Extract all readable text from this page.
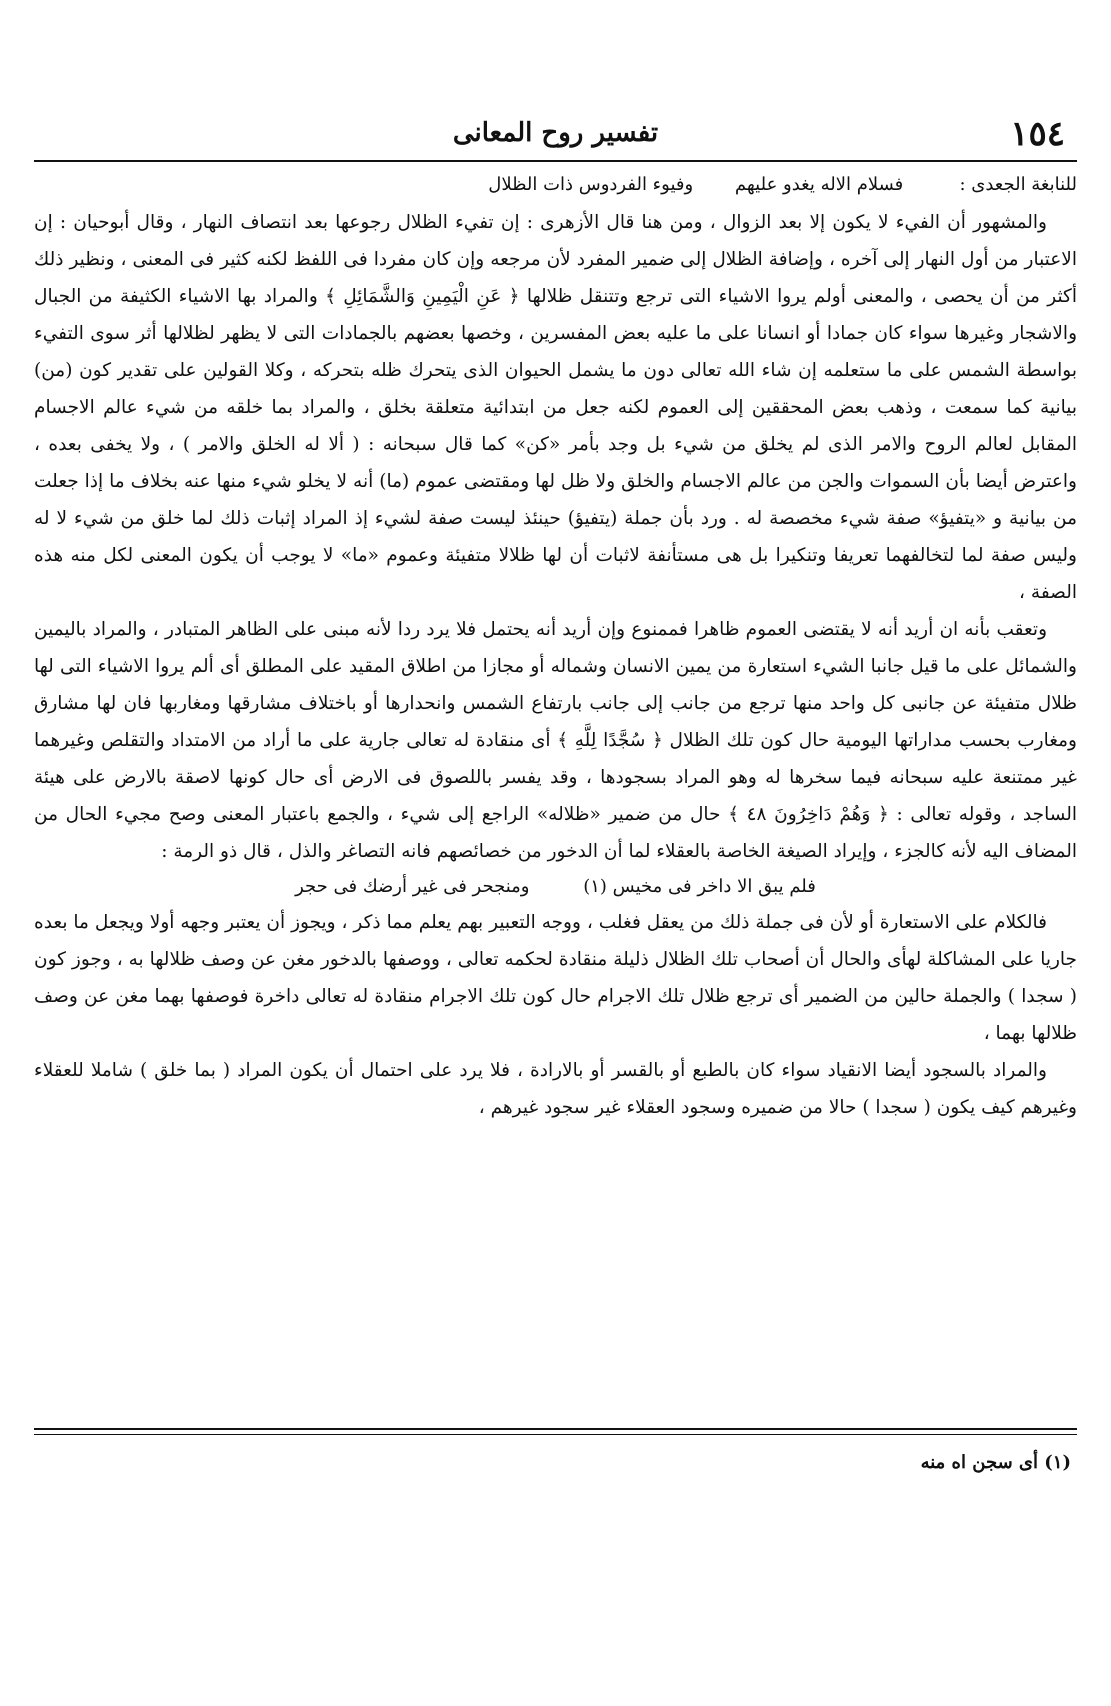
١٥٤
تفسير روح المعانى
للنابغة الجعدى : فسلام الاله يغدو عليهم وفيوء الفردوس ذات الظلال

والمشهور أن الفيء لا يكون إلا بعد الزوال ، ومن هنا قال الأزهرى : إن تفيء الظلال رجوعها بعد انتصاف النهار ، وقال أبوحيان : إن الاعتبار من أول النهار إلى آخره ، وإضافة الظلال إلى ضمير المفرد لأن مرجعه وإن كان مفردا فى اللفظ لكنه كثير فى المعنى ، ونظير ذلك أكثر من أن يحصى ، والمعنى أولم يروا الاشياء التى ترجع وتتنقل ظلالها ﴿ عَنِ الْيَمِينِ وَالشَّمَائِلِ ﴾ والمراد بها الاشياء الكثيفة من الجبال والاشجار وغيرها سواء كان جمادا أو انسانا على ما عليه بعض المفسرين ، وخصها بعضهم بالجمادات التى لا يظهر لظلالها أثر سوى التفيء بواسطة الشمس على ما ستعلمه إن شاء الله تعالى دون ما يشمل الحيوان الذى يتحرك ظله بتحركه ، وكلا القولين على تقدير كون (من) بيانية كما سمعت ، وذهب بعض المحققين إلى العموم لكنه جعل من ابتدائية متعلقة بخلق ، والمراد بما خلقه من شيء عالم الاجسام المقابل لعالم الروح والامر الذى لم يخلق من شيء بل وجد بأمر «كن» كما قال سبحانه : ( ألا له الخلق والامر ) ، ولا يخفى بعده ، واعترض أيضا بأن السموات والجن من عالم الاجسام والخلق ولا ظل لها ومقتضى عموم (ما) أنه لا يخلو شيء منها عنه بخلاف ما إذا جعلت من بيانية و «يتفيؤ» صفة شيء مخصصة له . ورد بأن جملة (يتفيؤ) حينئذ ليست صفة لشيء إذ المراد إثبات ذلك لما خلق من شيء لا له وليس صفة لما لتخالفهما تعريفا وتنكيرا بل هى مستأنفة لاثبات أن لها ظلالا متفيئة وعموم «ما» لا يوجب أن يكون المعنى لكل منه هذه الصفة ،

وتعقب بأنه ان أريد أنه لا يقتضى العموم ظاهرا فممنوع وإن أريد أنه يحتمل فلا يرد ردا لأنه مبنى على الظاهر المتبادر ، والمراد باليمين والشمائل على ما قيل جانبا الشيء استعارة من يمين الانسان وشماله أو مجازا من اطلاق المقيد على المطلق أى ألم يروا الاشياء التى لها ظلال متفيئة عن جانبى كل واحد منها ترجع من جانب إلى جانب بارتفاع الشمس وانحدارها أو باختلاف مشارقها ومغاربها فان لها مشارق ومغارب بحسب مداراتها اليومية حال كون تلك الظلال ﴿ سُجَّدًا لِلَّهِ ﴾ أى منقادة له تعالى جارية على ما أراد من الامتداد والتقلص وغيرهما غير ممتنعة عليه سبحانه فيما سخرها له وهو المراد بسجودها ، وقد يفسر باللصوق فى الارض أى حال كونها لاصقة بالارض على هيئة الساجد ، وقوله تعالى : ﴿ وَهُمْ دَاخِرُونَ ٤٨ ﴾ حال من ضمير «ظلاله» الراجع إلى شيء ، والجمع باعتبار المعنى وصح مجيء الحال من المضاف اليه لأنه كالجزء ، وإيراد الصيغة الخاصة بالعقلاء لما أن الدخور من خصائصهم فانه التصاغر والذل ، قال ذو الرمة :

فلم يبق الا داخر فى مخيس (١) ومنجحر فى غير أرضك فى حجر

فالكلام على الاستعارة أو لأن فى جملة ذلك من يعقل فغلب ، ووجه التعبير بهم يعلم مما ذكر ، ويجوز أن يعتبر وجهه أولا ويجعل ما بعده جاريا على المشاكلة لهأى والحال أن أصحاب تلك الظلال ذليلة منقادة لحكمه تعالى ، ووصفها بالدخور مغن عن وصف ظلالها به ، وجوز كون ( سجدا ) والجملة حالين من الضمير أى ترجع ظلال تلك الاجرام حال كون تلك الاجرام منقادة له تعالى داخرة فوصفها بهما مغن عن وصف ظلالها بهما ،

والمراد بالسجود أيضا الانقياد سواء كان بالطبع أو بالقسر أو بالارادة ، فلا يرد على احتمال أن يكون المراد ( بما خلق ) شاملا للعقلاء وغيرهم كيف يكون ( سجدا ) حالا من ضميره وسجود العقلاء غير سجود غيرهم ،

(١) أى سجن اه منه
